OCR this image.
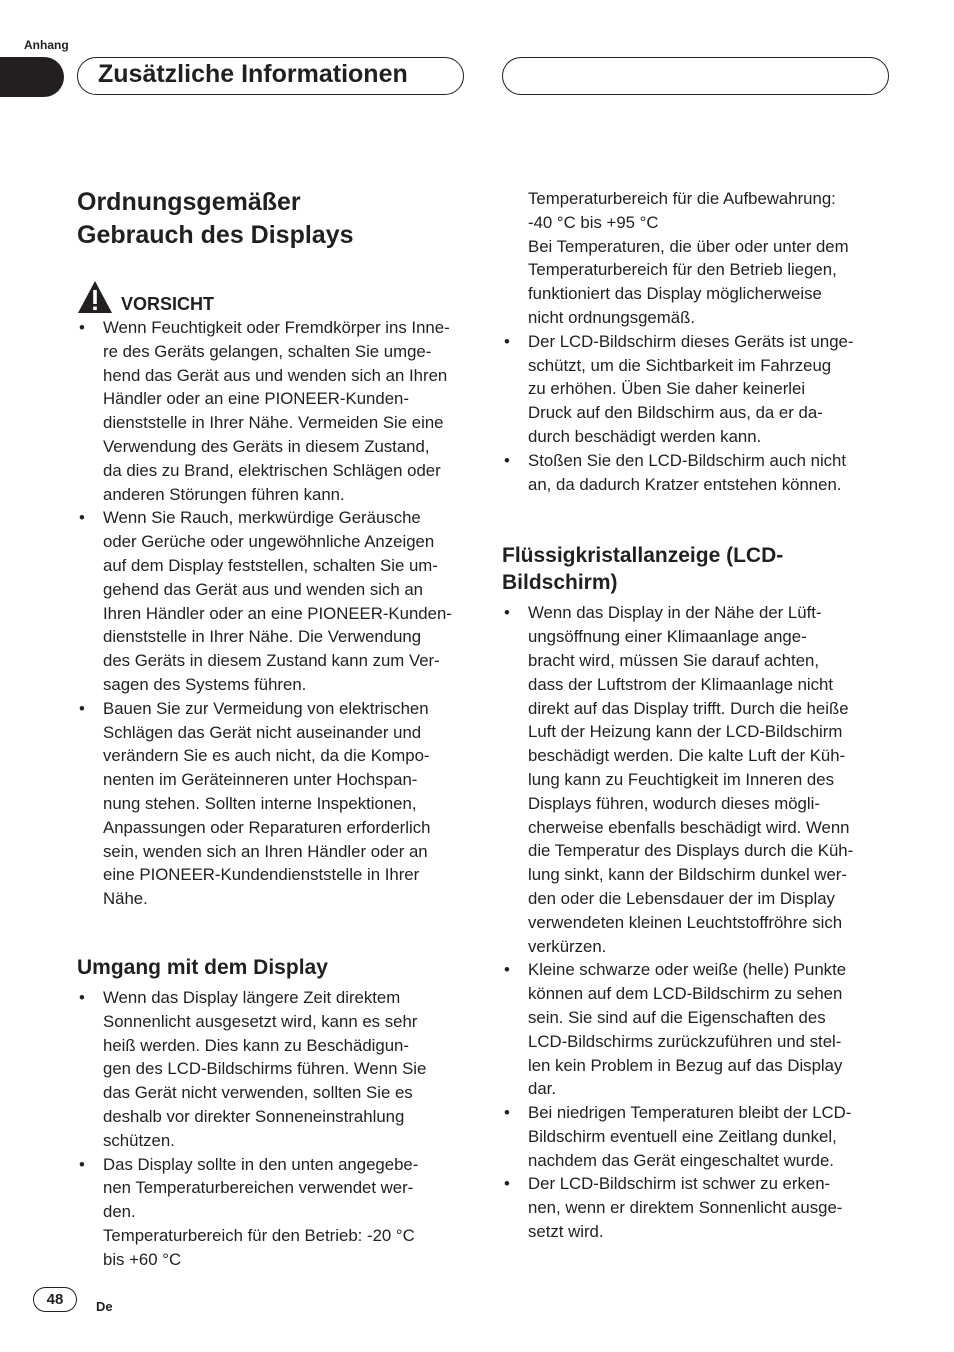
Anhang
Zusätzliche Informationen
Ordnungsgemäßer
Gebrauch des Displays
VORSICHT
• Wenn Feuchtigkeit oder Fremdkörper ins Inne-
re des Geräts gelangen, schalten Sie umge-
hend das Gerät aus und wenden sich an Ihren
Händler oder an eine PIONEER-Kunden-
dienststelle in Ihrer Nähe. Vermeiden Sie eine
Verwendung des Geräts in diesem Zustand,
da dies zu Brand, elektrischen Schlägen oder
anderen Störungen führen kann.
• Wenn Sie Rauch, merkwürdige Geräusche
oder Gerüche oder ungewöhnliche Anzeigen
auf dem Display feststellen, schalten Sie um-
gehend das Gerät aus und wenden sich an
Ihren Händler oder an eine PIONEER-Kunden-
dienststelle in Ihrer Nähe. Die Verwendung
des Geräts in diesem Zustand kann zum Ver-
sagen des Systems führen.
• Bauen Sie zur Vermeidung von elektrischen
Schlägen das Gerät nicht auseinander und
verändern Sie es auch nicht, da die Kompo-
nenten im Geräteinneren unter Hochspan-
nung stehen. Sollten interne Inspektionen,
Anpassungen oder Reparaturen erforderlich
sein, wenden sich an Ihren Händler oder an
eine PIONEER-Kundendienststelle in Ihrer
Nähe.
Umgang mit dem Display
• Wenn das Display längere Zeit direktem
Sonnenlicht ausgesetzt wird, kann es sehr
heiß werden. Dies kann zu Beschädigun-
gen des LCD-Bildschirms führen. Wenn Sie
das Gerät nicht verwenden, sollten Sie es
deshalb vor direkter Sonneneinstrahlung
schützen.
• Das Display sollte in den unten angegebe-
nen Temperaturbereichen verwendet wer-
den.
Temperaturbereich für den Betrieb: -20 °C
bis +60 °C
Temperaturbereich für die Aufbewahrung:
-40 °C bis +95 °C
Bei Temperaturen, die über oder unter dem
Temperaturbereich für den Betrieb liegen,
funktioniert das Display möglicherweise
nicht ordnungsgemäß.
• Der LCD-Bildschirm dieses Geräts ist unge-
schützt, um die Sichtbarkeit im Fahrzeug
zu erhöhen. Üben Sie daher keinerlei
Druck auf den Bildschirm aus, da er da-
durch beschädigt werden kann.
• Stoßen Sie den LCD-Bildschirm auch nicht
an, da dadurch Kratzer entstehen können.
Flüssigkristallanzeige (LCD-
Bildschirm)
• Wenn das Display in der Nähe der Lüft-
ungsöffnung einer Klimaanlage ange-
bracht wird, müssen Sie darauf achten,
dass der Luftstrom der Klimaanlage nicht
direkt auf das Display trifft. Durch die heiße
Luft der Heizung kann der LCD-Bildschirm
beschädigt werden. Die kalte Luft der Küh-
lung kann zu Feuchtigkeit im Inneren des
Displays führen, wodurch dieses mögli-
cherweise ebenfalls beschädigt wird. Wenn
die Temperatur des Displays durch die Küh-
lung sinkt, kann der Bildschirm dunkel wer-
den oder die Lebensdauer der im Display
verwendeten kleinen Leuchtstoffröhre sich
verkürzen.
• Kleine schwarze oder weiße (helle) Punkte
können auf dem LCD-Bildschirm zu sehen
sein. Sie sind auf die Eigenschaften des
LCD-Bildschirms zurückzuführen und stel-
len kein Problem in Bezug auf das Display
dar.
• Bei niedrigen Temperaturen bleibt der LCD-
Bildschirm eventuell eine Zeitlang dunkel,
nachdem das Gerät eingeschaltet wurde.
• Der LCD-Bildschirm ist schwer zu erken-
nen, wenn er direktem Sonnenlicht ausge-
setzt wird.
48	De
